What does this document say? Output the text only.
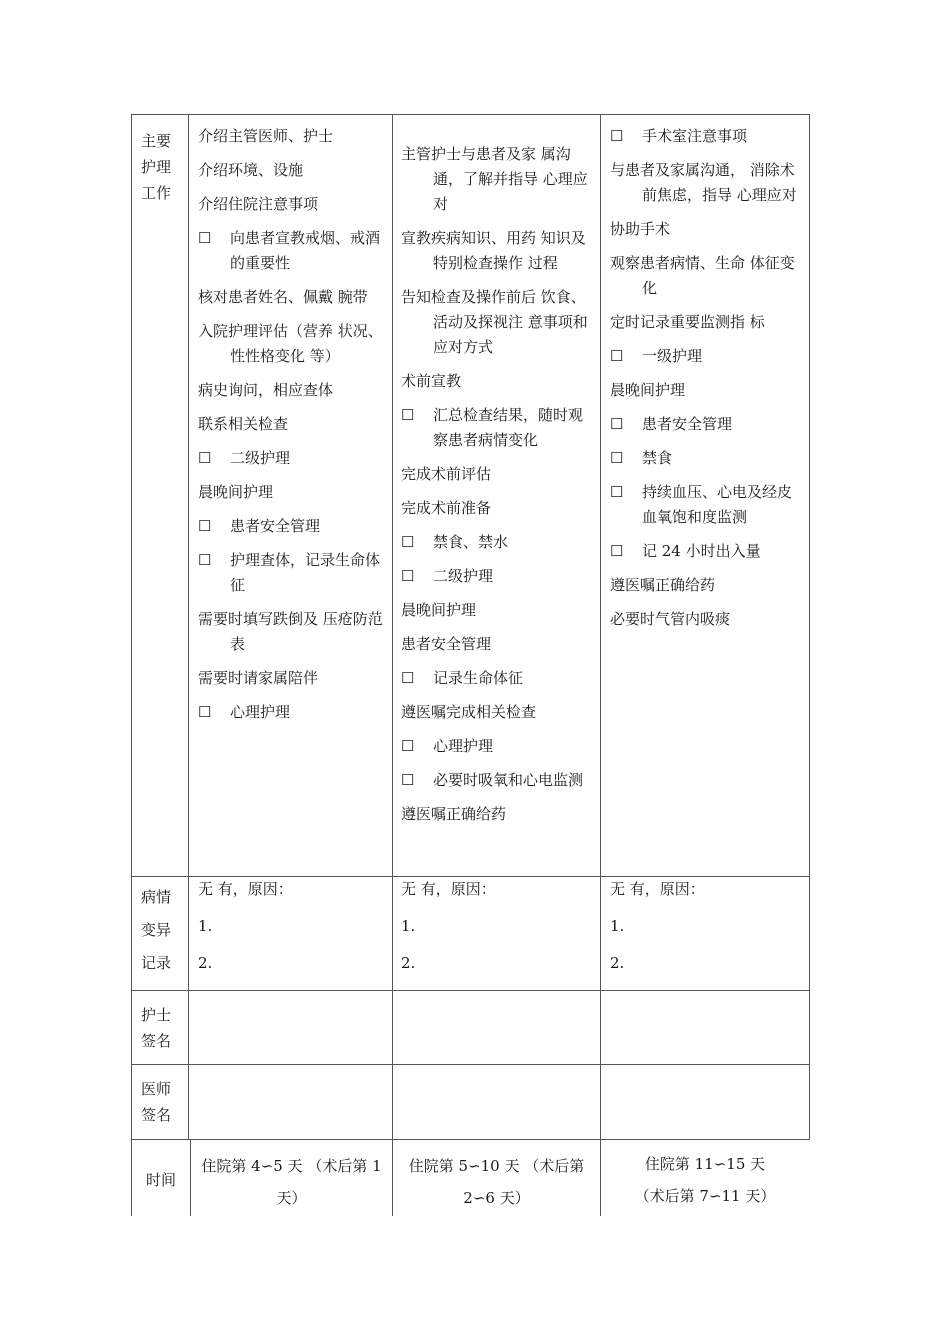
主要
护理
工作
介绍主管医师、护士
介绍环境、设施
介绍住院注意事项
☐ 向患者宣教戒烟、戒酒的重要性
核对患者姓名、佩戴 腕带
入院护理评估（营养 状况、性性格变化 等）
病史询问，相应查体
联系相关检查
☐ 二级护理
晨晚间护理
☐ 患者安全管理
☐ 护理查体，记录生命体征
需要时填写跌倒及 压疮防范表
需要时请家属陪伴
☐ 心理护理
主管护士与患者及家 属沟通，了解并指导 心理应对
宣教疾病知识、用药 知识及特别检查操作 过程
告知检查及操作前后 饮食、活动及探视注 意事项和应对方式
术前宣教
☐ 汇总检查结果，随时观察患者病情变化
完成术前评估
完成术前准备
☐ 禁食、禁水
☐ 二级护理
晨晚间护理
患者安全管理
☐ 记录生命体征
遵医嘱完成相关检查
☐ 心理护理
☐ 必要时吸氧和心电监测
遵医嘱正确给药
☐ 手术室注意事项
与患者及家属沟通， 消除术前焦虑，指导 心理应对
协助手术
观察患者病情、生命 体征变化
定时记录重要监测指 标
☐ 一级护理
晨晚间护理
☐ 患者安全管理
☐ 禁食
☐ 持续血压、心电及经皮血氧饱和度监测
☐ 记 24 小时出入量
遵医嘱正确给药
必要时气管内吸痰
病情
变异
记录

无 有，原因：

1.

2.

无 有，原因：

1.

2.

无 有，原因：

1.

2.

护士
签名
医师
签名
时间
住院第 4∽5 天 （术后第 1
天）
住院第 5∽10 天 （术后第
2∽6 天）
住院第 11∽15 天
（术后第 7∽11 天）
